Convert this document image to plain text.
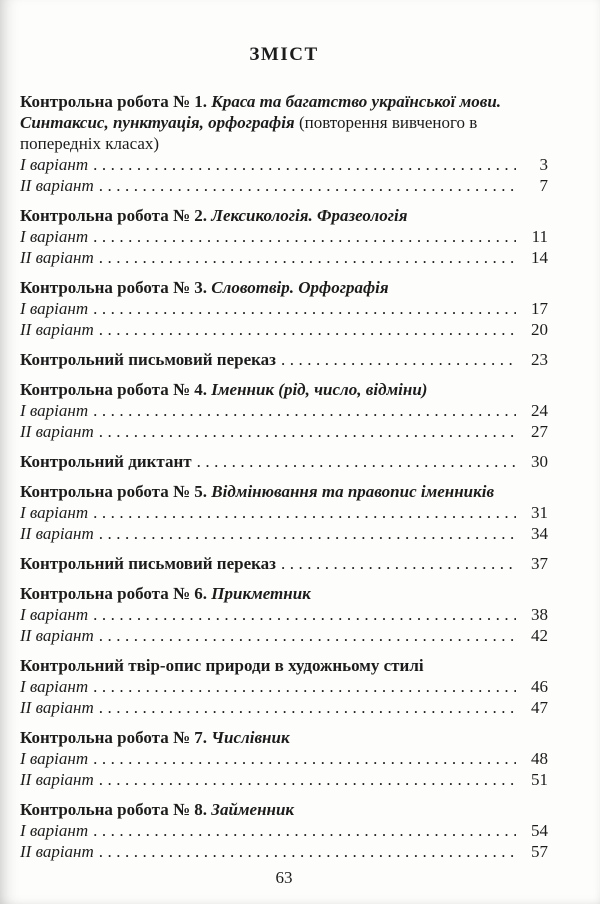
ЗМІСТ

Контрольна робота № 1. Краса та багатство української мови. Синтаксис, пунктуація, орфографія (повторення вивченого в попередніх класах)

I варіант .....	3
II варіант .....	7

Контрольна робота № 2. Лексикологія. Фразеологія

I варіант .....	11
II варіант .....	14

Контрольна робота № 3. Словотвір. Орфографія

I варіант .....	17
II варіант .....	20
Контрольний письмовий переказ .....	23

Контрольна робота № 4. Іменник (рід, число, відміни)

I варіант .....	24
II варіант .....	27
Контрольний диктант .....	30

Контрольна робота № 5. Відмінювання та правопис іменників

I варіант .....	31
II варіант .....	34
Контрольний письмовий переказ .....	37

Контрольна робота № 6. Прикметник

I варіант .....	38
II варіант .....	42

Контрольний твір-опис природи в художньому стилі

I варіант .....	46
II варіант .....	47

Контрольна робота № 7. Числівник

I варіант .....	48
II варіант .....	51

Контрольна робота № 8. Займенник

I варіант .....	54
II варіант .....	57
63
